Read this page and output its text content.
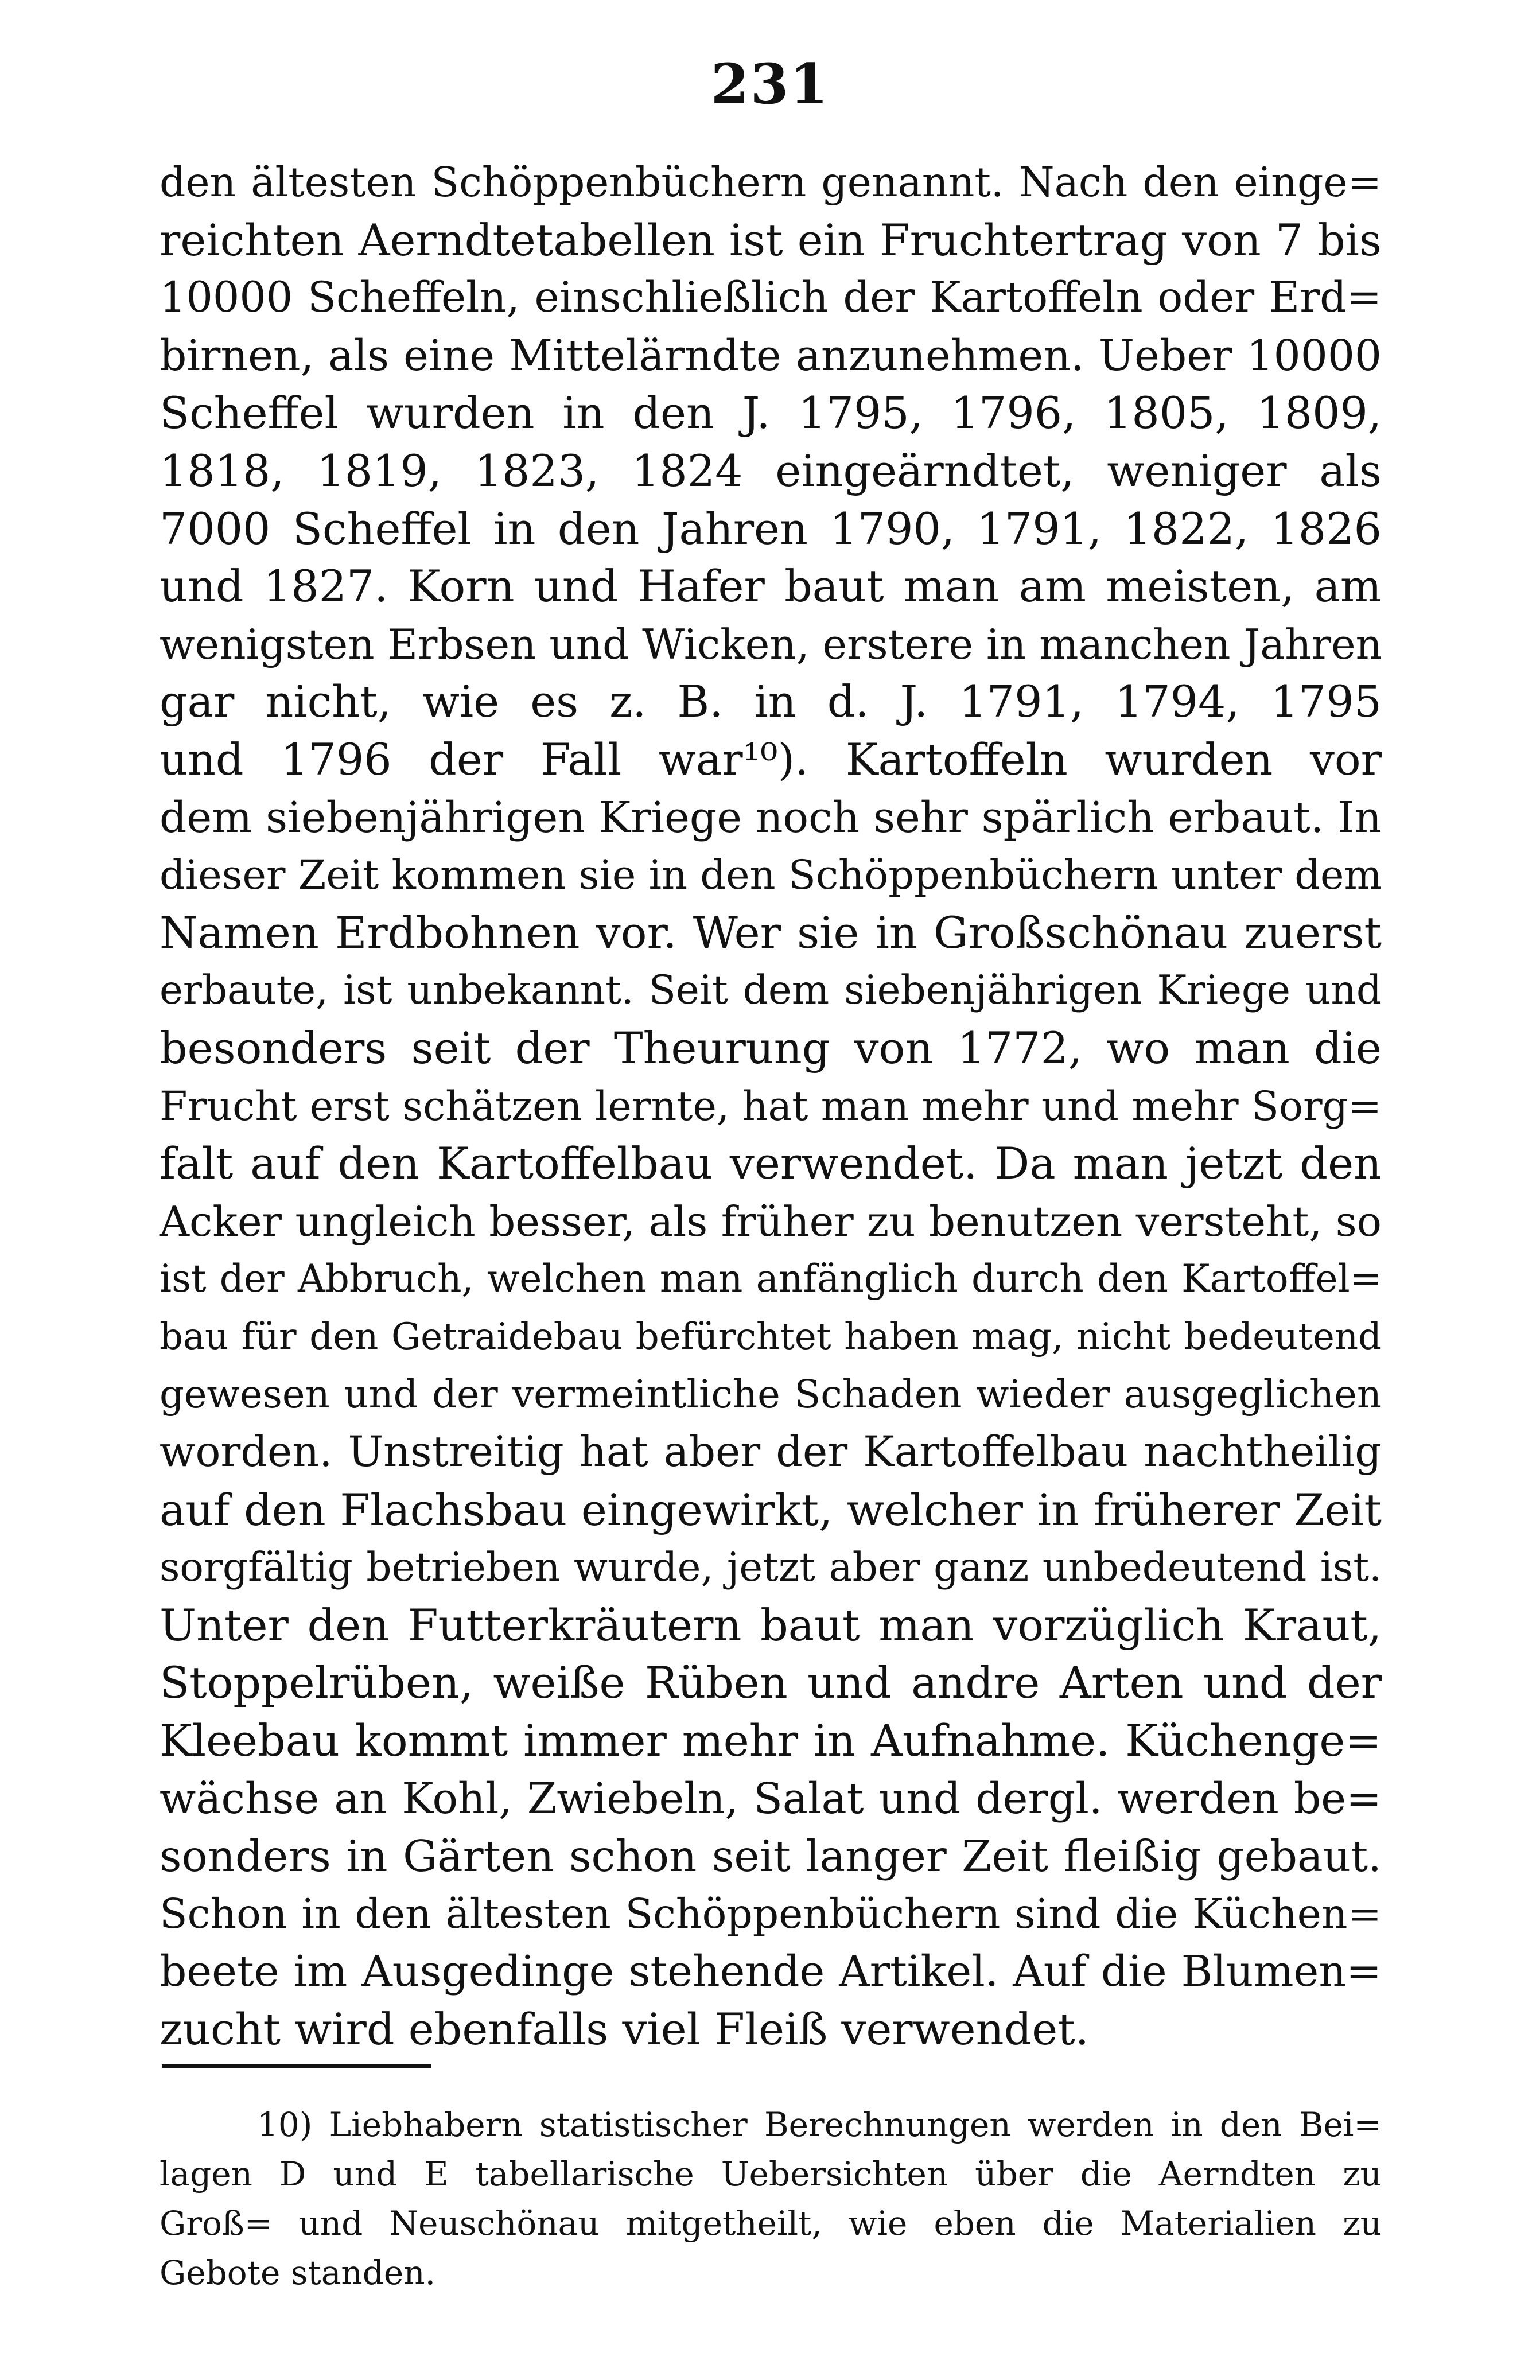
231
den ältesten Schöppenbüchern genannt. Nach den einge=
reichten Aerndtetabellen ist ein Fruchtertrag von 7 bis
10000 Scheffeln, einschließlich der Kartoffeln oder Erd=
birnen, als eine Mittelärndte anzunehmen. Ueber 10000
Scheffel wurden in den J. 1795, 1796, 1805, 1809,
1818, 1819, 1823, 1824 eingeärndtet, weniger als
7000 Scheffel in den Jahren 1790, 1791, 1822, 1826
und 1827. Korn und Hafer baut man am meisten, am
wenigsten Erbsen und Wicken, erstere in manchen Jahren
gar nicht, wie es z. B. in d. J. 1791, 1794, 1795
und 1796 der Fall war¹⁰). Kartoffeln wurden vor
dem siebenjährigen Kriege noch sehr spärlich erbaut. In
dieser Zeit kommen sie in den Schöppenbüchern unter dem
Namen Erdbohnen vor. Wer sie in Großschönau zuerst
erbaute, ist unbekannt. Seit dem siebenjährigen Kriege und
besonders seit der Theurung von 1772, wo man die
Frucht erst schätzen lernte, hat man mehr und mehr Sorg=
falt auf den Kartoffelbau verwendet. Da man jetzt den
Acker ungleich besser, als früher zu benutzen versteht, so
ist der Abbruch, welchen man anfänglich durch den Kartoffel=
bau für den Getraidebau befürchtet haben mag, nicht bedeutend
gewesen und der vermeintliche Schaden wieder ausgeglichen
worden. Unstreitig hat aber der Kartoffelbau nachtheilig
auf den Flachsbau eingewirkt, welcher in früherer Zeit
sorgfältig betrieben wurde, jetzt aber ganz unbedeutend ist.
Unter den Futterkräutern baut man vorzüglich Kraut,
Stoppelrüben, weiße Rüben und andre Arten und der
Kleebau kommt immer mehr in Aufnahme. Küchenge=
wächse an Kohl, Zwiebeln, Salat und dergl. werden be=
sonders in Gärten schon seit langer Zeit fleißig gebaut.
Schon in den ältesten Schöppenbüchern sind die Küchen=
beete im Ausgedinge stehende Artikel. Auf die Blumen=
zucht wird ebenfalls viel Fleiß verwendet.
10) Liebhabern statistischer Berechnungen werden in den Bei=
lagen D und E tabellarische Uebersichten über die Aerndten zu
Groß= und Neuschönau mitgetheilt, wie eben die Materialien zu
Gebote standen.
